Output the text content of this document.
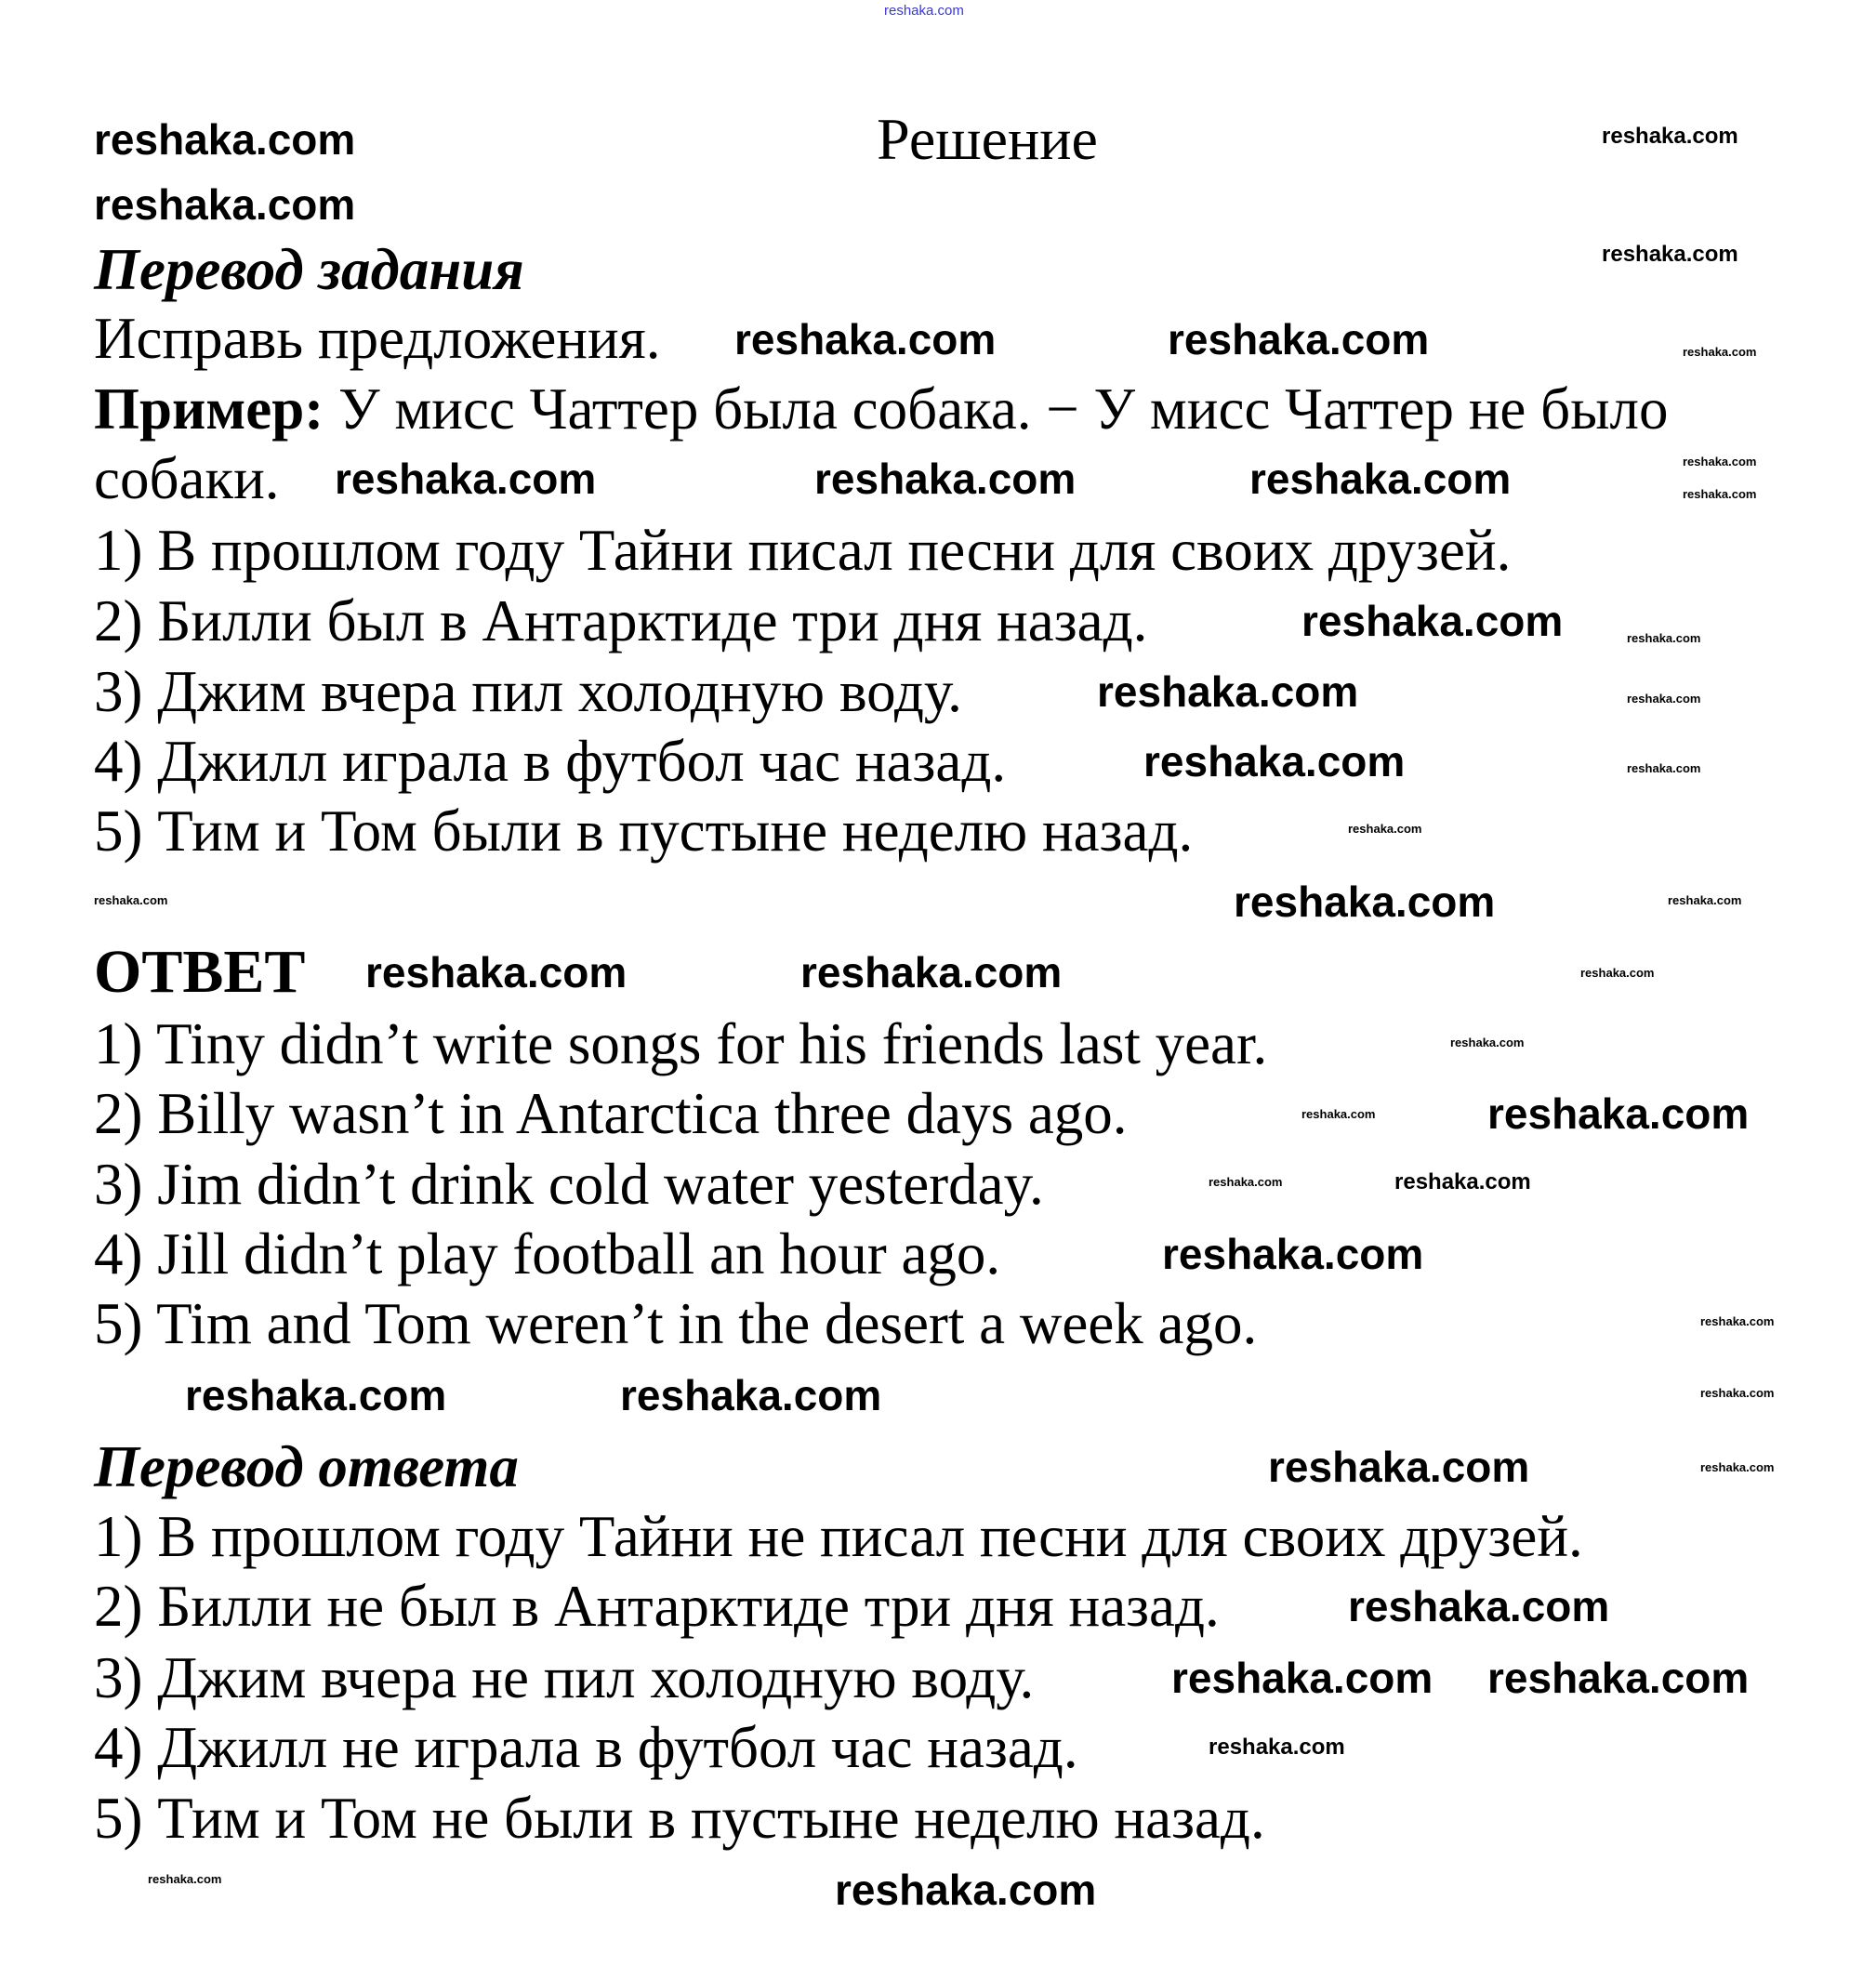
Решение
Перевод задания
Исправь предложения.
Пример: У мисс Чаттер была собака. − У мисс Чаттер не было
собаки.
1) В прошлом году Тайни писал песни для своих друзей.
2) Билли был в Антарктиде три дня назад.
3) Джим вчера пил холодную воду.
4) Джилл играла в футбол час назад.
5) Тим и Том были в пустыне неделю назад.
ОТВЕТ
1) Tiny didn’t write songs for his friends last year.
2) Billy wasn’t in Antarctica three days ago.
3) Jim didn’t drink cold water yesterday.
4) Jill didn’t play football an hour ago.
5) Tim and Tom weren’t in the desert a week ago.
Перевод ответа
1) В прошлом году Тайни не писал песни для своих друзей.
2) Билли не был в Антарктиде три дня назад.
3) Джим вчера не пил холодную воду.
4) Джилл не играла в футбол час назад.
5) Тим и Том не были в пустыне неделю назад.
reshaka.com
reshaka.com	reshaka.com
reshaka.com
reshaka.com
reshaka.com	reshaka.com	reshaka.com
reshaka.com	reshaka.com	reshaka.com	reshaka.com
reshaka.com
reshaka.com	reshaka.com
reshaka.com	reshaka.com
reshaka.com	reshaka.com
reshaka.com
reshaka.com	reshaka.com
reshaka.com
reshaka.com	reshaka.com	reshaka.com
reshaka.com
reshaka.com
reshaka.com
reshaka.com	reshaka.com
reshaka.com
reshaka.com
reshaka.com	reshaka.com	reshaka.com
reshaka.com	reshaka.com
reshaka.com
reshaka.com reshaka.com
reshaka.com
reshaka.com
reshaka.com
